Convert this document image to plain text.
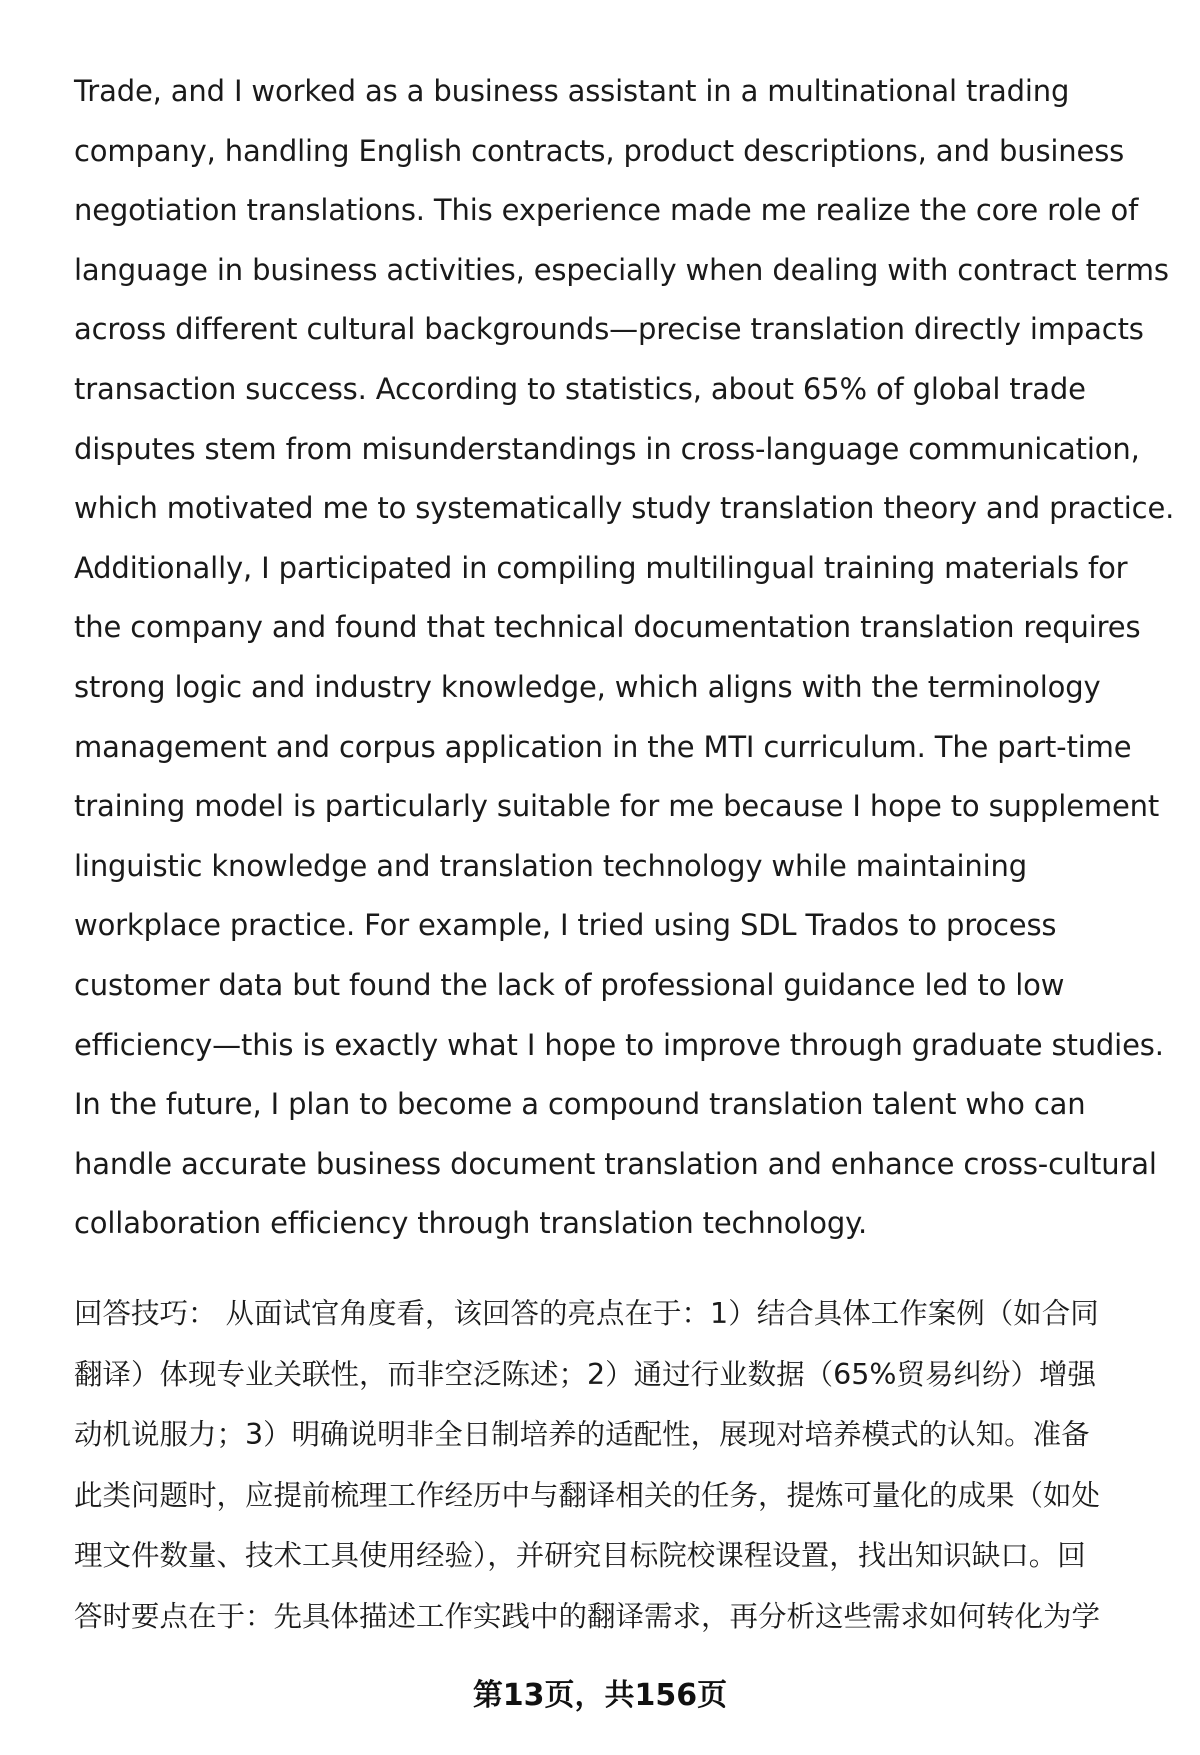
Trade, and I worked as a business assistant in a multinational trading
company, handling English contracts, product descriptions, and business
negotiation translations. This experience made me realize the core role of
language in business activities, especially when dealing with contract terms
across different cultural backgrounds—precise translation directly impacts
transaction success. According to statistics, about 65% of global trade
disputes stem from misunderstandings in cross-language communication,
which motivated me to systematically study translation theory and practice.
Additionally, I participated in compiling multilingual training materials for
the company and found that technical documentation translation requires
strong logic and industry knowledge, which aligns with the terminology
management and corpus application in the MTI curriculum. The part-time
training model is particularly suitable for me because I hope to supplement
linguistic knowledge and translation technology while maintaining
workplace practice. For example, I tried using SDL Trados to process
customer data but found the lack of professional guidance led to low
efficiency—this is exactly what I hope to improve through graduate studies.
In the future, I plan to become a compound translation talent who can
handle accurate business document translation and enhance cross-cultural
collaboration efficiency through translation technology.
回答技巧： 从面试官角度看，该回答的亮点在于：1）结合具体工作案例（如合同
翻译）体现专业关联性，而非空泛陈述；2）通过行业数据（65%贸易纠纷）增强
动机说服力；3）明确说明非全日制培养的适配性，展现对培养模式的认知。准备
此类问题时，应提前梳理工作经历中与翻译相关的任务，提炼可量化的成果（如处
理文件数量、技术工具使用经验），并研究目标院校课程设置，找出知识缺口。回
答时要点在于：先具体描述工作实践中的翻译需求，再分析这些需求如何转化为学
第13页，共156页
